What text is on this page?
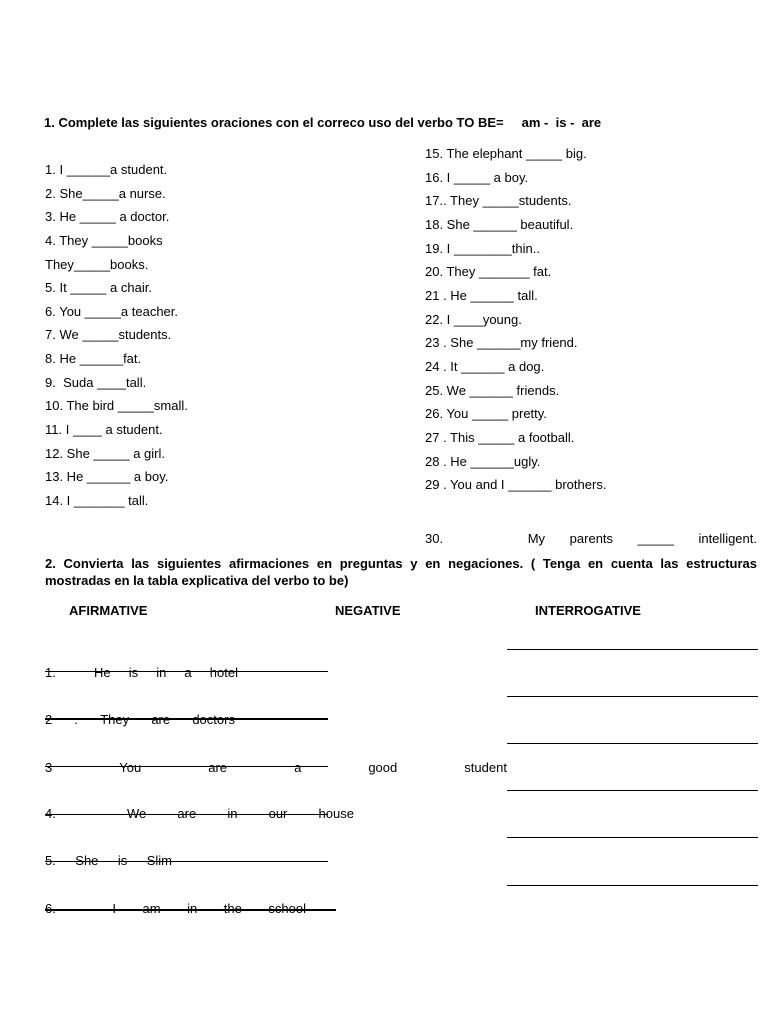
1. Complete las siguientes oraciones con el correco uso del verbo TO BE=     am -  is -  are
1. I ______a student.
2. She_____a nurse.
3. He _____ a doctor.
4. They _____books
They_____books.
5. It _____ a chair.
6. You _____a teacher.
7. We _____students.
8. He ______fat.
9.  Suda ____tall.
10. The bird _____small.
11. I ____ a student.
12. She _____ a girl.
13. He ______ a boy.
14. I _______ tall.
15. The elephant _____ big.
16. I _____ a boy.
17.. They _____students.
18. She ______ beautiful.
19. I ________thin..
20. They _______ fat.
21 . He ______ tall.
22. I ____young.
23 . She ______my friend.
24 . It ______ a dog.
25. We ______ friends.
26. You _____ pretty.
27 . This _____ a football.
28 . He ______ugly.
29 . You and I ______ brothers.

30.	My parents _____ intelligent.

2. Convierta las siguientes afirmaciones en preguntas y en negaciones. ( Tenga en cuenta las estructuras mostradas en la tabla explicativa del verbo to be)
AFIRMATIVE	NEGATIVE	INTERROGATIVE

1.	He is in a hotel

2 . They are doctors

3	You	are	a	good	student

4.	We are in our house

5. She is Slim

6.	I am in the school
